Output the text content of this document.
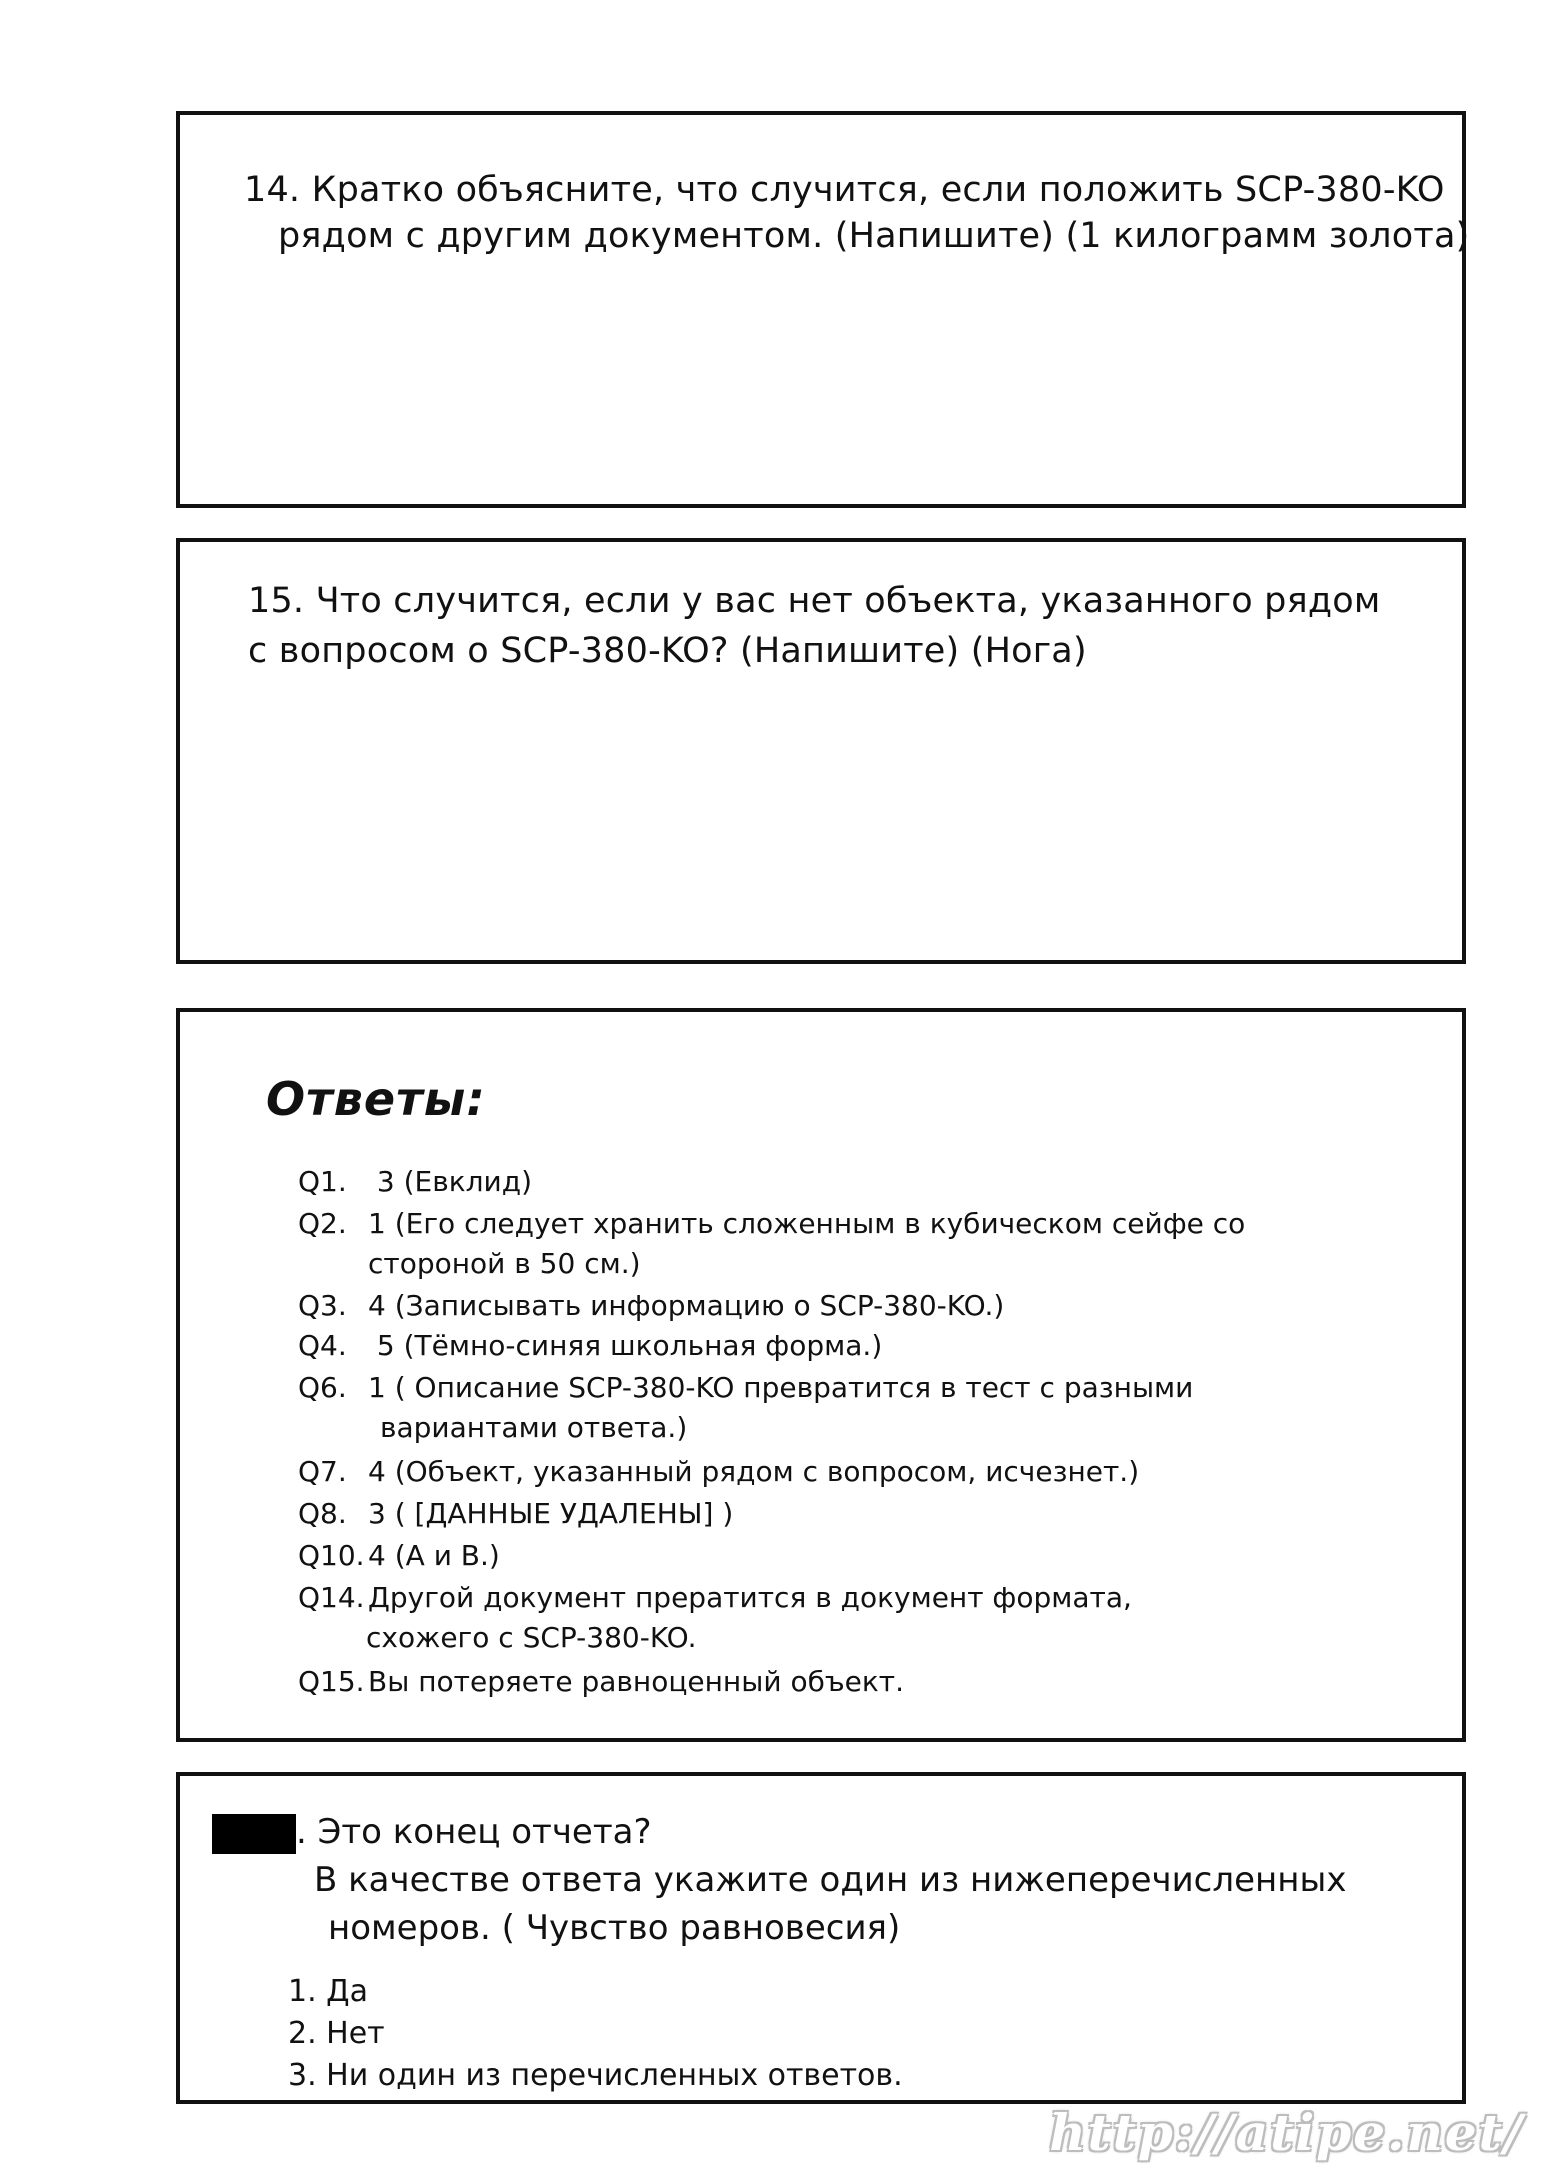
14. Кратко объясните, что случится, если положить SCP-380-KO

рядом с другим документом. (Напишите) (1 килограмм золота)

15. Что случится, если у вас нет объекта, указанного рядом

с вопросом о SCP-380-KO? (Напишите) (Нога)

Ответы:

Q1. 3 (Евклид)

Q2. 1 (Его следует хранить сложенным в кубическом сейфе со

стороной в 50 см.)

Q3. 4 (Записывать информацию о SCP-380-KO.)

Q4. 5 (Тёмно-синяя школьная форма.)

Q6. 1 ( Описание SCP-380-KO превратится в тест с разными

вариантами ответа.)

Q7. 4 (Объект, указанный рядом с вопросом, исчезнет.)

Q8. 3 ( [ДАННЫЕ УДАЛЕНЫ] )

Q10. 4 (А и В.)

Q14. Другой документ прератится в документ формата,

схожего с SCP-380-KO.

Q15. Вы потеряете равноценный объект.

. Это конец отчета?

В качестве ответа укажите один из нижеперечисленных

номеров. ( Чувство равновесия)

1. Да

2. Нет

3. Ни один из перечисленных ответов.

http://atipe.net/
